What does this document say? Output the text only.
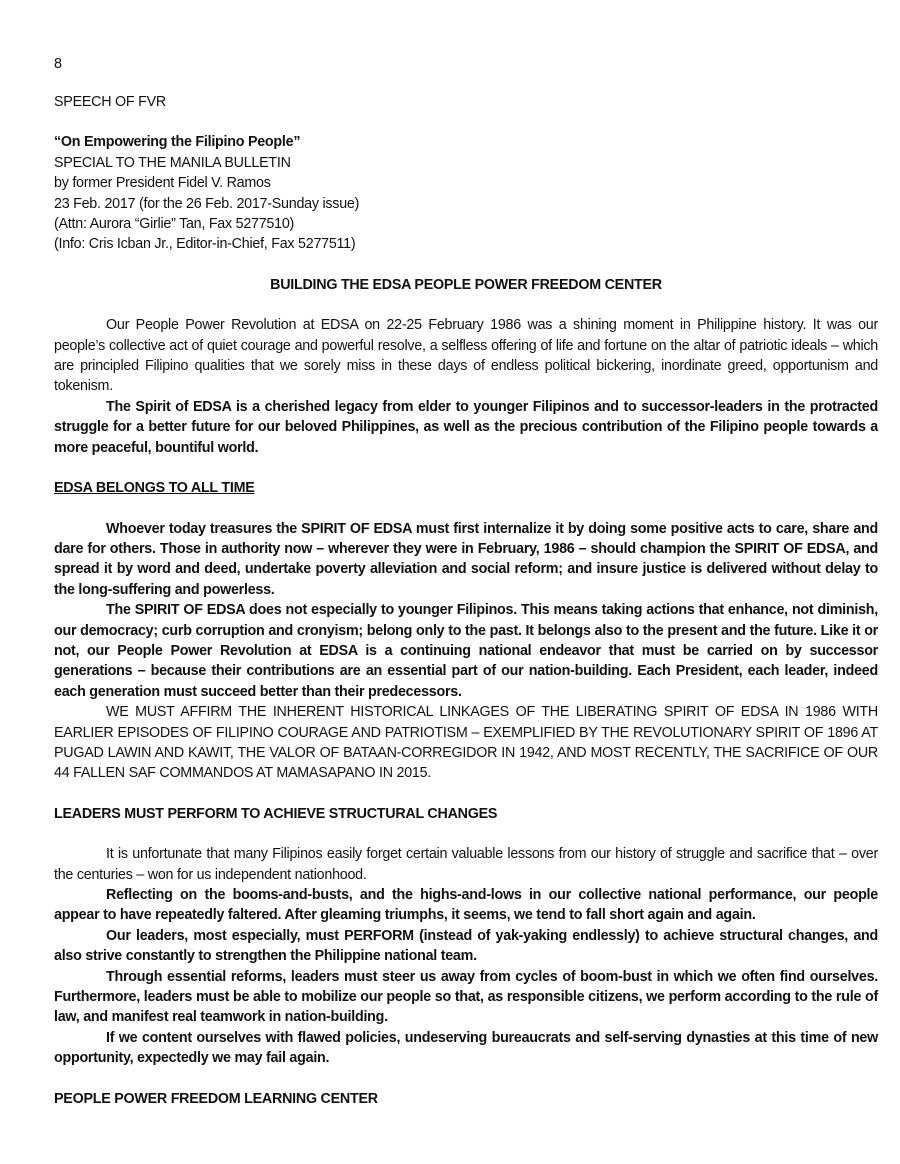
8

SPEECH OF FVR

“On Empowering the Filipino People”

SPECIAL TO THE MANILA BULLETIN

by former President Fidel V. Ramos

23 Feb. 2017 (for the 26 Feb. 2017-Sunday issue)

(Attn: Aurora “Girlie” Tan, Fax 5277510)

(Info: Cris Icban Jr., Editor-in-Chief, Fax 5277511)

BUILDING THE EDSA PEOPLE POWER FREEDOM CENTER

Our People Power Revolution at EDSA on 22-25 February 1986 was a shining moment in Philippine history. It was our people’s collective act of quiet courage and powerful resolve, a selfless offering of life and fortune on the altar of patriotic ideals – which are principled Filipino qualities that we sorely miss in these days of endless political bickering, inordinate greed, opportunism and tokenism.

The Spirit of EDSA is a cherished legacy from elder to younger Filipinos and to successor-leaders in the protracted struggle for a better future for our beloved Philippines, as well as the precious contribution of the Filipino people towards a more peaceful, bountiful world.

EDSA BELONGS TO ALL TIME

Whoever today treasures the SPIRIT OF EDSA must first internalize it by doing some positive acts to care, share and dare for others. Those in authority now – wherever they were in February, 1986 – should champion the SPIRIT OF EDSA, and spread it by word and deed, undertake poverty alleviation and social reform; and insure justice is delivered without delay to the long-suffering and powerless.

The SPIRIT OF EDSA does not especially to younger Filipinos. This means taking actions that enhance, not diminish, our democracy; curb corruption and cronyism; belong only to the past. It belongs also to the present and the future. Like it or not, our People Power Revolution at EDSA is a continuing national endeavor that must be carried on by successor generations – because their contributions are an essential part of our nation-building. Each President, each leader, indeed each generation must succeed better than their predecessors.

WE MUST AFFIRM THE INHERENT HISTORICAL LINKAGES OF THE LIBERATING SPIRIT OF EDSA IN 1986 WITH EARLIER EPISODES OF FILIPINO COURAGE AND PATRIOTISM – EXEMPLIFIED BY THE REVOLUTIONARY SPIRIT OF 1896 AT PUGAD LAWIN AND KAWIT, THE VALOR OF BATAAN-CORREGIDOR IN 1942, AND MOST RECENTLY, THE SACRIFICE OF OUR 44 FALLEN SAF COMMANDOS AT MAMASAPANO IN 2015.

LEADERS MUST PERFORM TO ACHIEVE STRUCTURAL CHANGES

It is unfortunate that many Filipinos easily forget certain valuable lessons from our history of struggle and sacrifice that – over the centuries – won for us independent nationhood.

Reflecting on the booms-and-busts, and the highs-and-lows in our collective national performance, our people appear to have repeatedly faltered. After gleaming triumphs, it seems, we tend to fall short again and again.

Our leaders, most especially, must PERFORM (instead of yak-yaking endlessly) to achieve structural changes, and also strive constantly to strengthen the Philippine national team.

Through essential reforms, leaders must steer us away from cycles of boom-bust in which we often find ourselves. Furthermore, leaders must be able to mobilize our people so that, as responsible citizens, we perform according to the rule of law, and manifest real teamwork in nation-building.

If we content ourselves with flawed policies, undeserving bureaucrats and self-serving dynasties at this time of new opportunity, expectedly we may fail again.

PEOPLE POWER FREEDOM LEARNING CENTER
